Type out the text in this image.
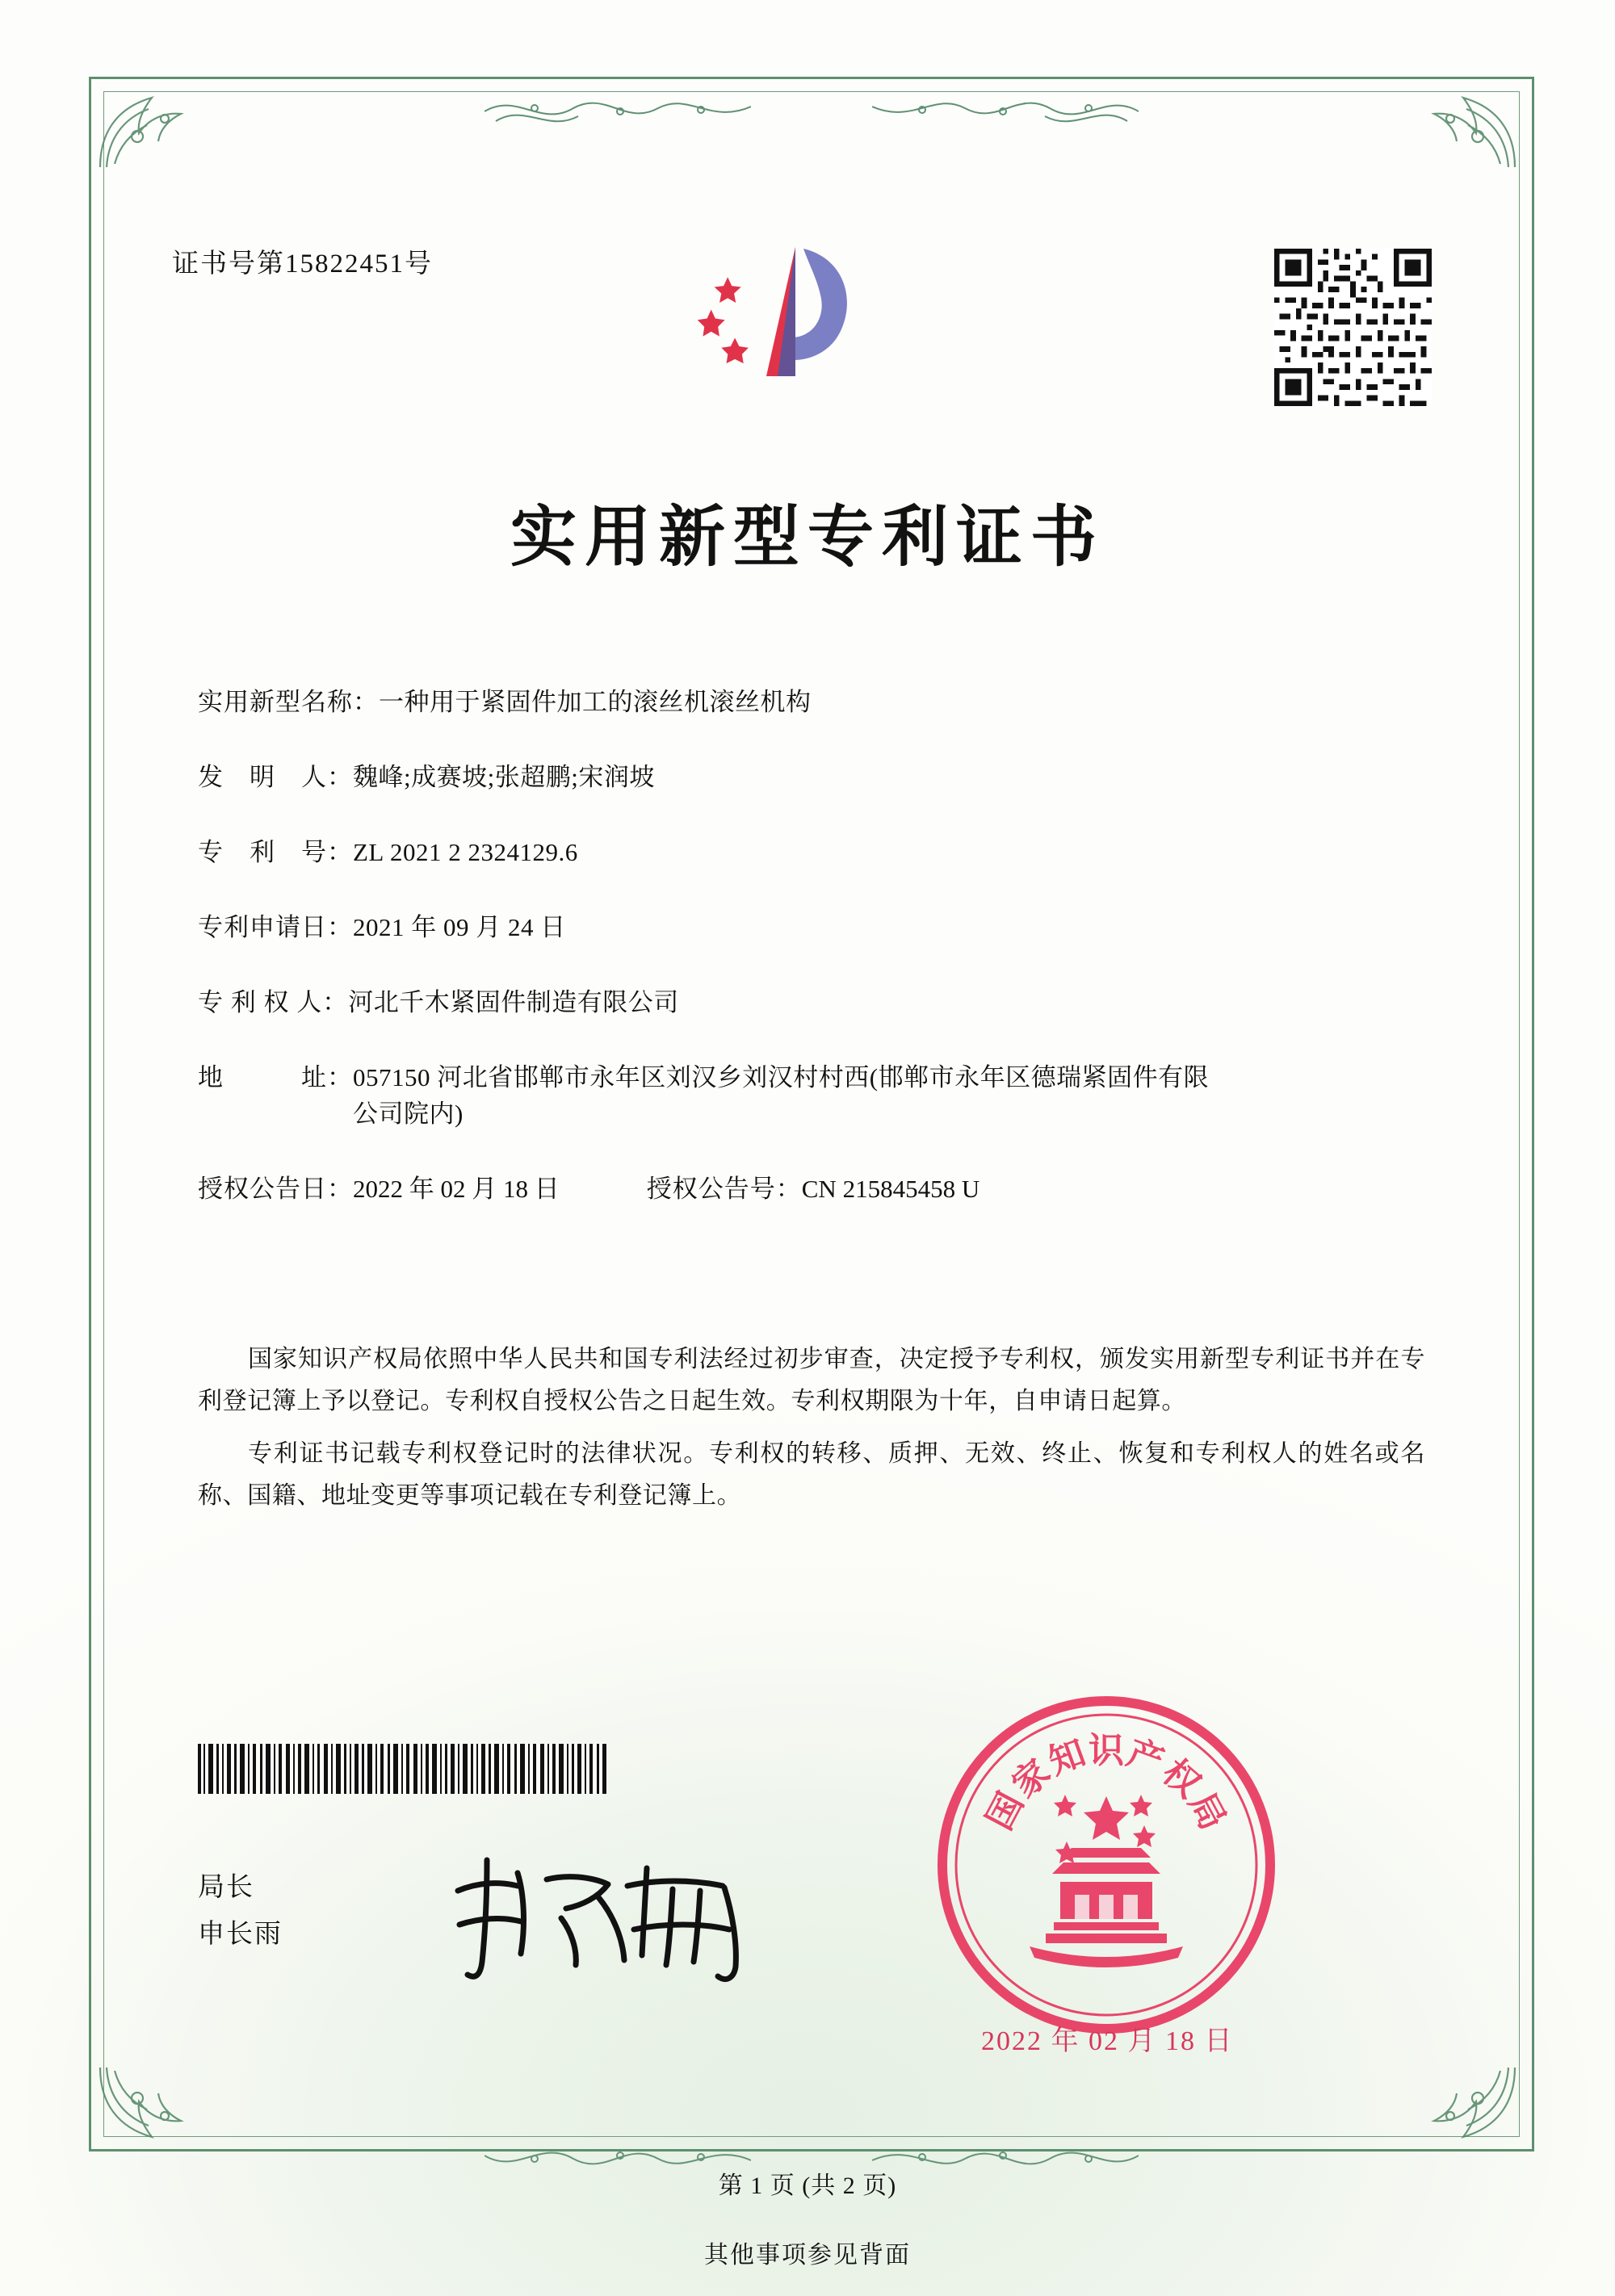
证书号第15822451号
实用新型专利证书
实用新型名称： 一种用于紧固件加工的滚丝机滚丝机构
发　明　人： 魏峰;成赛坡;张超鹏;宋润坡
专　利　号： ZL 2021 2 2324129.6
专利申请日： 2021 年 09 月 24 日
专 利 权 人： 河北千木紧固件制造有限公司
地　　　址： 057150 河北省邯郸市永年区刘汉乡刘汉村村西(邯郸市永年区德瑞紧固件有限公司院内)
授权公告日： 2022 年 02 月 18 日	授权公告号： CN 215845458 U

国家知识产权局依照中华人民共和国专利法经过初步审查，决定授予专利权，颁发实用新型专利证书并在专利登记簿上予以登记。专利权自授权公告之日起生效。专利权期限为十年，自申请日起算。

专利证书记载专利权登记时的法律状况。专利权的转移、质押、无效、终止、恢复和专利权人的姓名或名称、国籍、地址变更等事项记载在专利登记簿上。

局长
申长雨
国
家
知
识
产
权
局
2022 年 02 月 18 日
第 1 页 (共 2 页)
其他事项参见背面
